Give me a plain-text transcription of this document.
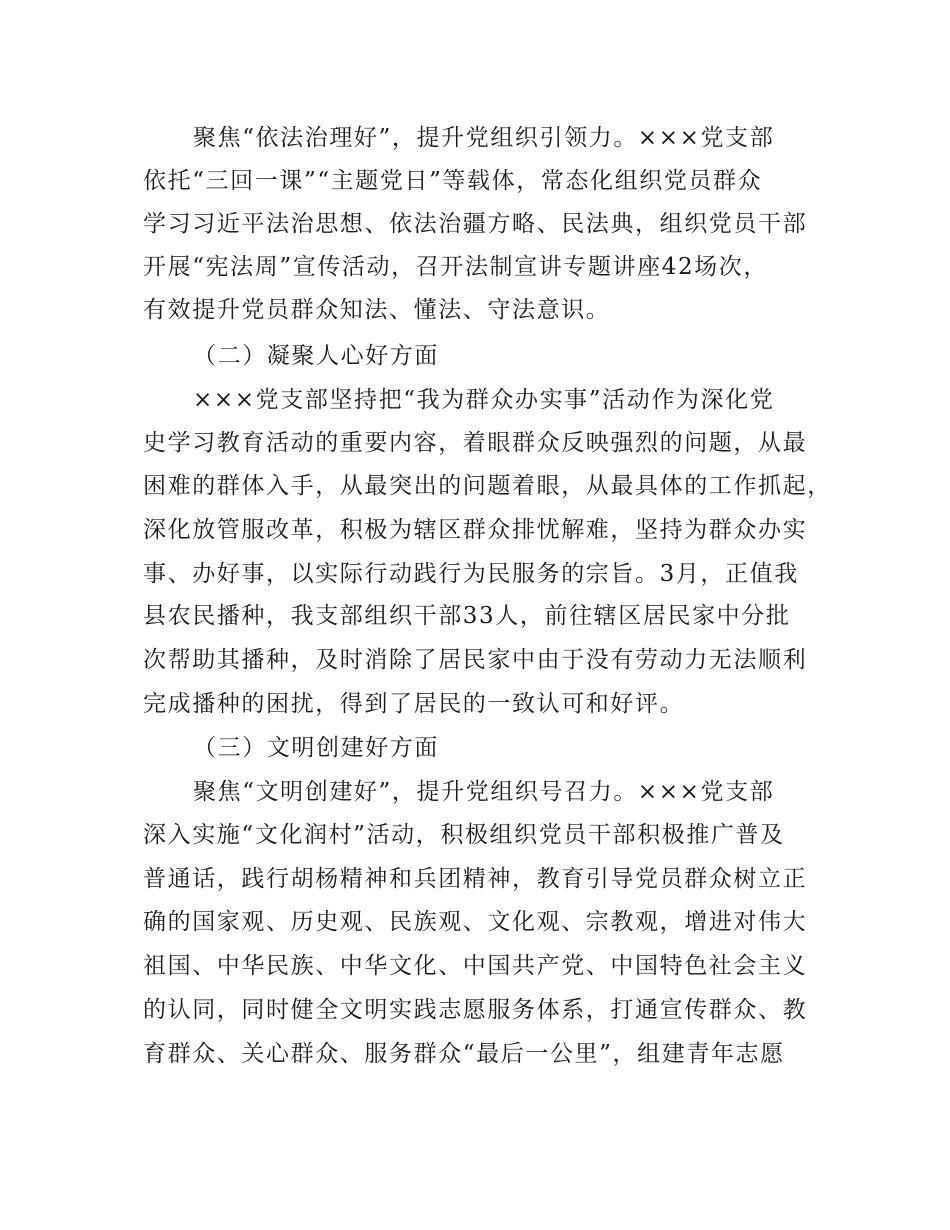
聚焦“依法治理好”，提升党组织引领力。×××党支部
依托“三回一课”“主题党日”等载体，常态化组织党员群众
学习习近平法治思想、依法治疆方略、民法典，组织党员干部
开展“宪法周”宣传活动，召开法制宣讲专题讲座42场次，
有效提升党员群众知法、懂法、守法意识。
（二）凝聚人心好方面
×××党支部坚持把“我为群众办实事”活动作为深化党
史学习教育活动的重要内容，着眼群众反映强烈的问题，从最
困难的群体入手，从最突出的问题着眼，从最具体的工作抓起，
深化放管服改革，积极为辖区群众排忧解难，坚持为群众办实
事、办好事，以实际行动践行为民服务的宗旨。3月，正值我
县农民播种，我支部组织干部33人，前往辖区居民家中分批
次帮助其播种，及时消除了居民家中由于没有劳动力无法顺利
完成播种的困扰，得到了居民的一致认可和好评。
（三）文明创建好方面
聚焦“文明创建好”，提升党组织号召力。×××党支部
深入实施“文化润村”活动，积极组织党员干部积极推广普及
普通话，践行胡杨精神和兵团精神，教育引导党员群众树立正
确的国家观、历史观、民族观、文化观、宗教观，增进对伟大
祖国、中华民族、中华文化、中国共产党、中国特色社会主义
的认同，同时健全文明实践志愿服务体系，打通宣传群众、教
育群众、关心群众、服务群众“最后一公里”，组建青年志愿
